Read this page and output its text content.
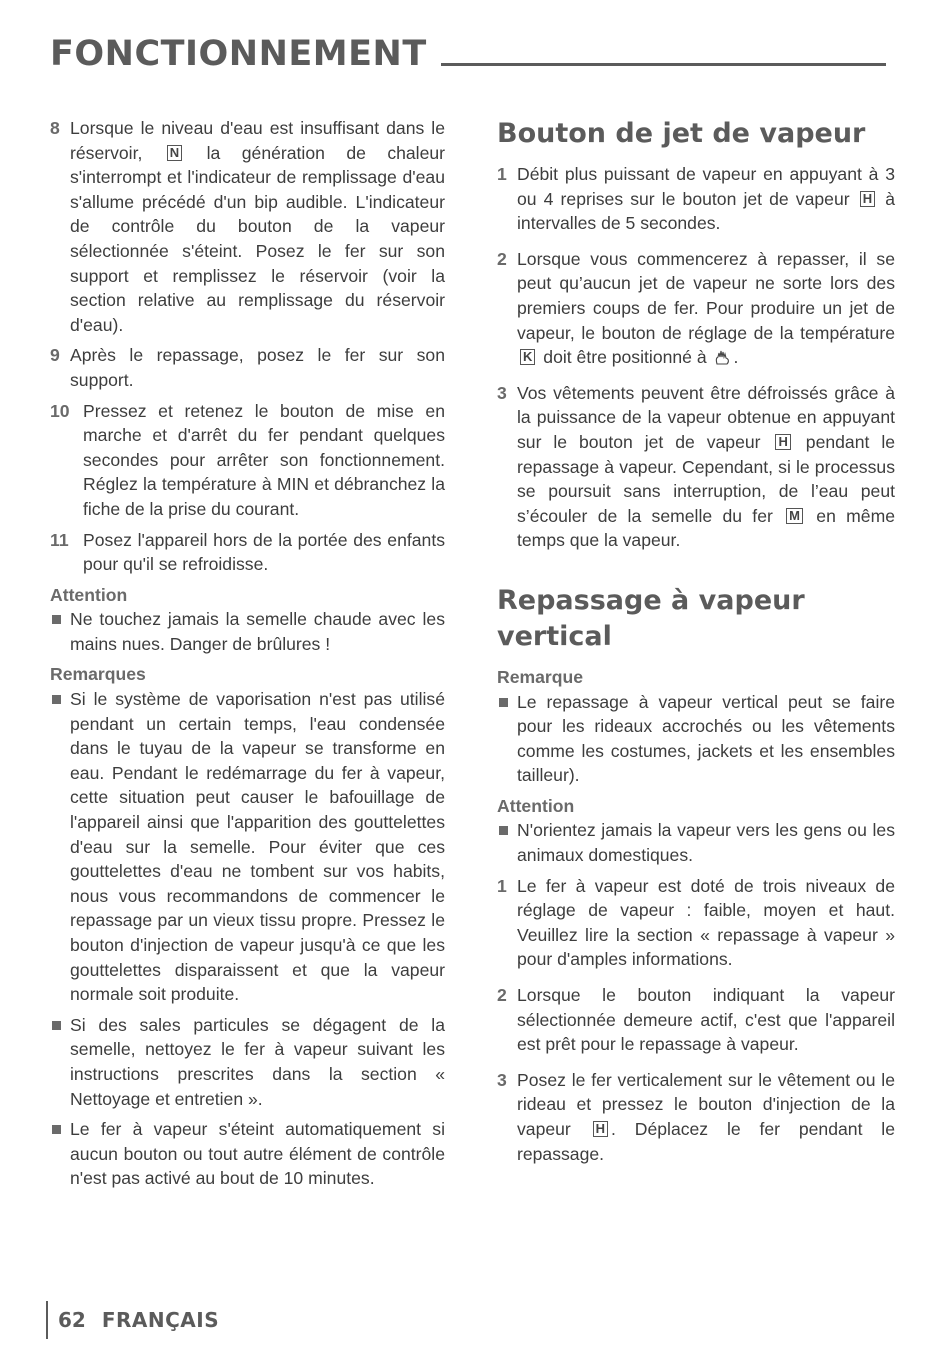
FONCTIONNEMENT
8 Lorsque le niveau d'eau est insuffisant dans le réservoir, N la génération de chaleur s'interrompt et l'indicateur de remplissage d'eau s'allume précédé d'un bip audible. L'indicateur de contrôle du bouton de la vapeur sélectionnée s'éteint. Posez le fer sur son support et remplissez le réservoir (voir la section relative au remplissage du réservoir d'eau).
9 Après le repassage, posez le fer sur son support.
10 Pressez et retenez le bouton de mise en marche et d'arrêt du fer pendant quelques secondes pour arrêter son fonctionnement. Réglez la température à MIN et débranchez la fiche de la prise du courant.
11 Posez l'appareil hors de la portée des enfants pour qu'il se refroidisse.
Attention
Ne touchez jamais la semelle chaude avec les mains nues. Danger de brûlures !
Remarques
Si le système de vaporisation n'est pas utilisé pendant un certain temps, l'eau condensée dans le tuyau de la vapeur se transforme en eau. Pendant le redémarrage du fer à vapeur, cette situation peut causer le bafouillage de l'appareil ainsi que l'apparition des gouttelettes d'eau sur la semelle. Pour éviter que ces gouttelettes d'eau ne tombent sur vos habits, nous vous recommandons de commencer le repassage par un vieux tissu propre. Pressez le bouton d'injection de vapeur jusqu'à ce que les gouttelettes disparaissent et que la vapeur normale soit produite.
Si des sales particules se dégagent de la semelle, nettoyez le fer à vapeur suivant les instructions prescrites dans la section « Nettoyage et entretien ».
Le fer à vapeur s'éteint automatiquement si aucun bouton ou tout autre élément de contrôle n'est pas activé au bout de 10 minutes.
Bouton de jet de vapeur
1 Débit plus puissant de vapeur en appuyant à 3 ou 4 reprises sur le bouton jet de vapeur H à intervalles de 5 secondes.
2 Lorsque vous commencerez à repasser, il se peut qu’aucun jet de vapeur ne sorte lors des premiers coups de fer. Pour produire un jet de vapeur, le bouton de réglage de la température K doit être positionné à .
3 Vos vêtements peuvent être défroissés grâce à la puissance de la vapeur obtenue en appuyant sur le bouton jet de vapeur H pendant le repassage à vapeur. Cependant, si le processus se poursuit sans interruption, de l’eau peut s’écouler de la semelle du fer M en même temps que la vapeur.
Repassage à vapeur vertical
Remarque
Le repassage à vapeur vertical peut se faire pour les rideaux accrochés ou les vêtements comme les costumes, jackets et les ensembles tailleur).
Attention
N'orientez jamais la vapeur vers les gens ou les animaux domestiques.
1 Le fer à vapeur est doté de trois niveaux de réglage de vapeur : faible, moyen et haut. Veuillez lire la section « repassage à vapeur » pour d'amples informations.
2 Lorsque le bouton indiquant la vapeur sélectionnée demeure actif, c'est que l'appareil est prêt pour le repassage à vapeur.
3 Posez le fer verticalement sur le vêtement ou le rideau et pressez le bouton d'injection de la vapeur H . Déplacez le fer pendant le repassage.
62 FRANÇAIS
